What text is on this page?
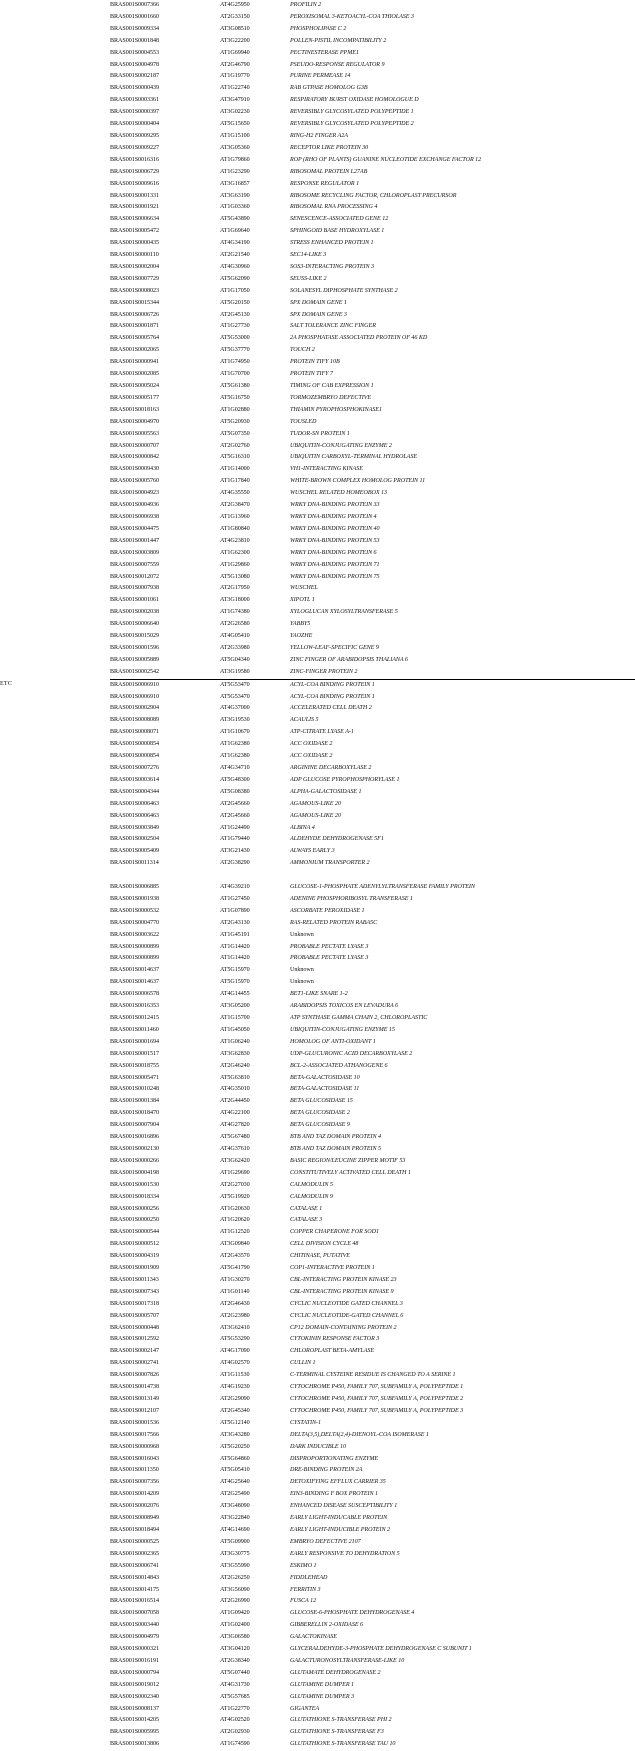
	BRAS001S0007366	AT4G25950	PROFILIN 2
	BRAS001S0001660	AT2G33150	PEROXISOMAL 3-KETOACYL-COA THIOLASE 3
	BRAS001S0009334	AT3G08510	PHOSPHOLIPASE C 2
	BRAS001S0001848	AT3G22200	POLLEN-PISTIL INCOMPATIBILITY 2
	BRAS001S0004553	AT1G69940	PECTINESTERASE PPME1
	BRAS001S0004978	AT2G46790	PSEUDO-RESPONSE REGULATOR 9
	BRAS001S0002187	AT1G19770	PURINE PERMEASE 14
	BRAS001S0000439	AT1G22740	RAB GTPASE HOMOLOG G3B
	BRAS001S0003361	AT3G47910	RESPIRATORY BURST OXIDASE HOMOLOGUE D
	BRAS001S0000397	AT3G02230	REVERSIBLY GLYCOSYLATED POLYPEPTIDE 1
	BRAS001S0000404	AT5G15650	REVERSIBLY GLYCOSYLATED POLYPEPTIDE 2
	BRAS001S0009295	AT1G15100	RING-H2 FINGER A2A
	BRAS001S0009227	AT3G05360	RECEPTOR LIKE PROTEIN 30
	BRAS001S0016316	AT1G79860	ROP (RHO OF PLANTS) GUANINE NUCLEOTIDE EXCHANGE FACTOR 12
	BRAS001S0006729	AT1G23290	RIBOSOMAL PROTEIN L27AB
	BRAS001S0009616	AT3G16857	RESPONSE REGULATOR 1
	BRAS001S0001331	AT3G63190	RIBOSOME RECYCLING FACTOR, CHLOROPLAST PRECURSOR
	BRAS001S0001921	AT1G03360	RIBOSOMAL RNA PROCESSING 4
	BRAS001S0006634	AT5G43890	SENESCENCE-ASSOCIATED GENE 12
	BRAS001S0005472	AT1G69640	SPHINGOID BASE HYDROXYLASE 1
	BRAS001S0000435	AT4G34190	STRESS ENHANCED PROTEIN 1
	BRAS001S0000110	AT2G21540	SEC14-LIKE 3
	BRAS001S0002004	AT4G30960	SOS3-INTERACTING PROTEIN 3
	BRAS001S0007729	AT5G62090	SEUSS-LIKE 2
	BRAS001S0008023	AT1G17050	SOLANESYL DIPHOSPHATE SYNTHASE 2
	BRAS001S0015344	AT5G20150	SPX DOMAIN GENE 1
	BRAS001S0006726	AT2G45130	SPX DOMAIN GENE 3
	BRAS001S0001871	AT1G27730	SALT TOLERANCE ZINC FINGER
	BRAS001S0005764	AT5G53000	2A PHOSPHATASE ASSOCIATED PROTEIN OF 46 KD
	BRAS001S0002065	AT5G37770	TOUCH 2
	BRAS001S0000941	AT1G74950	PROTEIN TIFY 10B
	BRAS001S0002085	AT1G70700	PROTEIN TIFY 7
	BRAS001S0005024	AT5G61380	TIMING OF CAB EXPRESSION 1
	BRAS001S0005177	AT5G16750	TORMOZEMBRYO DEFECTIVE
	BRAS001S0018163	AT1G02880	THIAMIN PYROPHOSPHOKINASE1
	BRAS001S0004970	AT5G20930	TOUSLED
	BRAS001S0005563	AT5G07350	TUDOR-SN PROTEIN 1
	BRAS001S0000707	AT2G02760	UBIQUITIN-CONJUGATING ENZYME 2
	BRAS001S0000842	AT5G16310	UBIQUITIN CARBOXYL-TERMINAL HYDROLASE
	BRAS001S0009430	AT1G14000	VH1-INTERACTING KINASE
	BRAS001S0005760	AT1G17840	WHITE-BROWN COMPLEX HOMOLOG PROTEIN 11
	BRAS001S0004923	AT4G35550	WUSCHEL RELATED HOMEOBOX 13
	BRAS001S0004936	AT2G38470	WRKY DNA-BINDING PROTEIN 33
	BRAS001S0006938	AT1G13960	WRKY DNA-BINDING PROTEIN 4
	BRAS001S0004475	AT1G80840	WRKY DNA-BINDING PROTEIN 40
	BRAS001S0001447	AT4G23810	WRKY DNA-BINDING PROTEIN 53
	BRAS001S0003809	AT1G62300	WRKY DNA-BINDING PROTEIN 6
	BRAS001S0007559	AT1G29860	WRKY DNA-BINDING PROTEIN 71
	BRAS001S0012072	AT5G13080	WRKY DNA-BINDING PROTEIN 75
	BRAS001S0007938	AT2G17950	WUSCHEL
	BRAS001S0001061	AT3G18000	XIPOTL 1
	BRAS001S0002038	AT1G74380	XYLOGLUCAN XYLOSYLTRANSFERASE 5
	BRAS001S0006640	AT2G26580	YABBY5
	BRAS001S0015029	AT4G05410	YAOZHE
	BRAS001S0001596	AT2G33980	YELLOW-LEAF-SPECIFIC GENE 9
	BRAS001S0005889	AT5G04340	ZINC FINGER OF ARABIDOPSIS THALIANA 6
	BRAS001S0002542	AT3G19580	ZINC-FINGER PROTEIN 2
ETC	BRAS001S0006910	AT5G53470	ACYL-COA BINDING PROTEIN 1
	BRAS001S0006910	AT5G53470	ACYL-COA BINDING PROTEIN 1
	BRAS001S0002904	AT4G37000	ACCELERATED CELL DEATH 2
	BRAS001S0008089	AT3G19530	ACAULIS 5
	BRAS001S0008071	AT1G10670	ATP-CITRATE LYASE A-1
	BRAS001S0000854	AT1G62380	ACC OXIDASE 2
	BRAS001S0000854	AT1G62380	ACC OXIDASE 2
	BRAS001S0007276	AT4G34710	ARGININE DECARBOXYLASE 2
	BRAS001S0003614	AT5G48300	ADP GLUCOSE PYROPHOSPHORYLASE 1
	BRAS001S0004344	AT5G08380	ALPHA-GALACTOSIDASE 1
	BRAS001S0006463	AT2G45660	AGAMOUS-LIKE 20
	BRAS001S0006463	AT2G45660	AGAMOUS-LIKE 20
	BRAS001S0003849	AT1G24490	ALBINA 4
	BRAS001S0002504	AT1G79440	ALDEHYDE DEHYDROGENASE 5F1
	BRAS001S0005409	AT3G21430	ALWAYS EARLY 3
	BRAS001S0011314	AT2G38290	AMMONIUM TRANSPORTER 2

	BRAS001S0006885	AT4G39210	GLUCOSE-1-PHOSPHATE ADENYLYLTRANSFERASE FAMILY PROTEIN
	BRAS001S0001938	AT1G27450	ADENINE PHOSPHORIBOSYL TRANSFERASE 1
	BRAS001S0000532	AT1G07890	ASCORBATE PEROXIDASE 1
	BRAS001S0004770	AT2G43130	RAS-RELATED PROTEIN RABA5C
	BRAS001S0003622	AT1G45191	Unknown
	BRAS001S0000899	AT1G14420	PROBABLE PECTATE LYASE 3
	BRAS001S0000899	AT1G14420	PROBABLE PECTATE LYASE 3
	BRAS001S0014637	AT5G15970	Unknown
	BRAS001S0014637	AT5G15970	Unknown
	BRAS001S0006578	AT4G14455	BET1-LIKE SNARE 1-2
	BRAS001S0016353	AT3G05200	ARABIDOPSIS TOXICOS EN LEVADURA 6
	BRAS001S0012415	AT1G15700	ATP SYNTHASE GAMMA CHAIN 2, CHLOROPLASTIC
	BRAS001S0011460	AT1G45050	UBIQUITIN-CONJUGATING ENZYME 15
	BRAS001S0001694	AT1G06240	HOMOLOG OF ANTI-OXIDANT 1
	BRAS001S0001517	AT3G62830	UDP-GLUCURONIC ACID DECARBOXYLASE 2
	BRAS001S0018755	AT2G46240	BCL-2-ASSOCIATED ATHANOGENE 6
	BRAS001S0005471	AT5G63810	BETA-GALACTOSIDASE 10
	BRAS001S0010248	AT4G35010	BETA-GALACTOSIDASE 11
	BRAS001S0001384	AT2G44450	BETA GLUCOSIDASE 15
	BRAS001S0018470	AT4G22100	BETA GLUCOSIDASE 2
	BRAS001S0007904	AT4G27820	BETA GLUCOSIDASE 9
	BRAS001S0016896	AT5G67480	BTB AND TAZ DOMAIN PROTEIN 4
	BRAS001S0002130	AT4G37610	BTB AND TAZ DOMAIN PROTEIN 5
	BRAS001S0000266	AT3G62420	BASIC REGION/LEUCINE ZIPPER MOTIF 53
	BRAS001S0004198	AT1G29690	CONSTITUTIVELY ACTIVATED CELL DEATH 1
	BRAS001S0001530	AT2G27030	CALMODULIN 5
	BRAS001S0018334	AT5G19920	CALMODULIN 9
	BRAS001S0000256	AT1G20630	CATALASE 1
	BRAS001S0000250	AT1G20620	CATALASE 3
	BRAS001S0000544	AT1G12520	COPPER CHAPERONE FOR SOD1
	BRAS001S0000512	AT3G09840	CELL DIVISION CYCLE 48
	BRAS001S0004319	AT2G43570	CHITINASE, PUTATIVE
	BRAS001S0001909	AT5G41790	COP1-INTERACTIVE PROTEIN 1
	BRAS001S0011343	AT1G30270	CBL-INTERACTING PROTEIN KINASE 23
	BRAS001S0007343	AT1G01140	CBL-INTERACTING PROTEIN KINASE 9
	BRAS001S0017318	AT2G46430	CYCLIC NUCLEOTIDE GATED CHANNEL 3
	BRAS001S0005707	AT2G23980	CYCLIC NUCLEOTIDE-GATED CHANNEL 6
	BRAS001S0000448	AT3G62410	CP12 DOMAIN-CONTAINING PROTEIN 2
	BRAS001S0012592	AT5G53290	CYTOKININ RESPONSE FACTOR 3
	BRAS001S0002147	AT4G17090	CHLOROPLAST BETA-AMYLASE
	BRAS001S0002741	AT4G02570	CULLIN 1
	BRAS001S0007826	AT1G11530	C-TERMINAL CYSTEINE RESIDUE IS CHANGED TO A SERINE 1
	BRAS001S0014738	AT4G19230	CYTOCHROME P450, FAMILY 707, SUBFAMILY A, POLYPEPTIDE 1
	BRAS001S0013149	AT2G29090	CYTOCHROME P450, FAMILY 707, SUBFAMILY A, POLYPEPTIDE 2
	BRAS001S0012107	AT2G45340	CYTOCHROME P450, FAMILY 707, SUBFAMILY A, POLYPEPTIDE 3
	BRAS001S0001536	AT5G12140	CYSTATIN-1
	BRAS001S0017566	AT3G43280	DELTA(3,5),DELTA(2,4)-DIENOYL-COA ISOMERASE 1
	BRAS001S0000968	AT5G20250	DARK INDUCIBLE 10
	BRAS001S0016043	AT5G64860	DISPROPORTIONATING ENZYME
	BRAS001S0011350	AT5G05410	DRE-BINDING PROTEIN 2A
	BRAS001S0007356	AT4G25640	DETOXIFYING EFFLUX CARRIER 35
	BRAS001S0014209	AT2G25490	EIN3-BINDING F BOX PROTEIN 1
	BRAS001S0002076	AT3G48090	ENHANCED DISEASE SUSCEPTIBILITY 1
	BRAS001S0008949	AT3G22840	EARLY LIGHT-INDUCABLE PROTEIN
	BRAS001S0018494	AT4G14690	EARLY LIGHT-INDUCIBLE PROTEIN 2
	BRAS001S0000525	AT5G09900	EMBRYO DEFECTIVE 2107
	BRAS001S0002365	AT3G30775	EARLY RESPONSIVE TO DEHYDRATION 5
	BRAS001S0006741	AT3G55990	ESKIMO 1
	BRAS001S0014843	AT2G26250	FIDDLEHEAD
	BRAS001S0014175	AT3G56090	FERRITIN 3
	BRAS001S0016514	AT2G26990	FUSCA 12
	BRAS001S0007058	AT1G09420	GLUCOSE-6-PHOSPHATE DEHYDROGENASE 4
	BRAS001S0003440	AT1G02400	GIBBERELLIN 2-OXIDASE 6
	BRAS001S0004979	AT3G06580	GALACTOKINASE
	BRAS001S0000321	AT3G04120	GLYCERALDEHYDE-3-PHOSPHATE DEHYDROGENASE C SUBUNIT 1
	BRAS001S0016191	AT2G38340	GALACTURONOSYLTRANSFERASE-LIKE 10
	BRAS001S0000794	AT5G07440	GLUTAMATE DEHYDROGENASE 2
	BRAS001S0019012	AT4G31730	GLUTAMINE DUMPER 1
	BRAS001S0002340	AT5G57685	GLUTAMINE DUMPER 3
	BRAS001S0008137	AT1G22770	GIGANTEA
	BRAS001S0014205	AT4G02520	GLUTATHIONE S-TRANSFERASE PHI 2
	BRAS001S0005995	AT2G02930	GLUTATHIONE S-TRANSFERASE F3
	BRAS001S0013806	AT1G74590	GLUTATHIONE S-TRANSFERASE TAU 10
